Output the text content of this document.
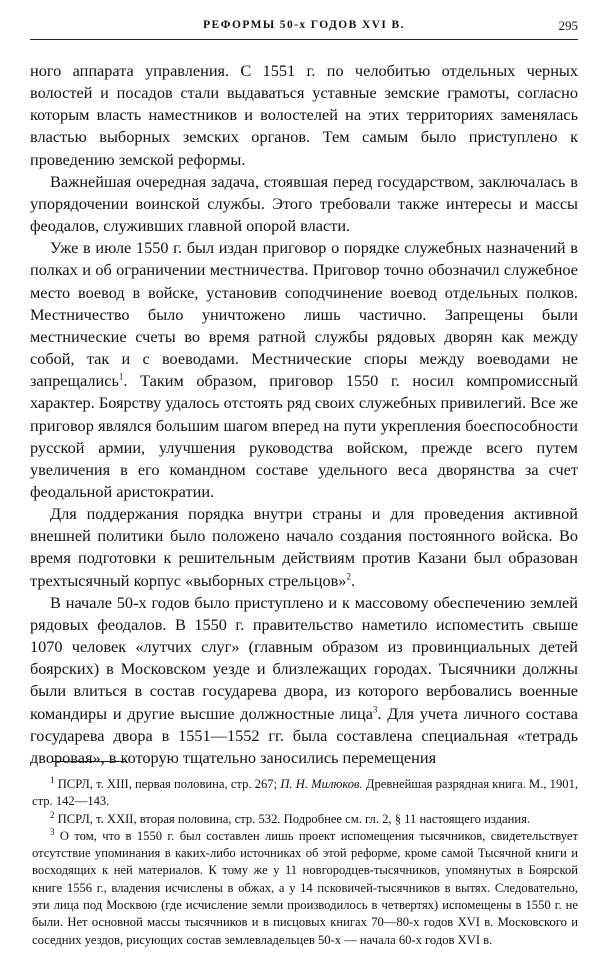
РЕФОРМЫ 50-х ГОДОВ XVI В.	295

ного аппарата управления. С 1551 г. по челобитью отдельных черных волостей и посадов стали выдаваться уставные земские грамоты, согласно которым власть наместников и волостелей на этих территориях заменялась властью выборных земских органов. Тем самым было приступлено к проведению земской реформы.

Важнейшая очередная задача, стоявшая перед государством, заключалась в упорядочении воинской службы. Этого требовали также интересы и массы феодалов, служивших главной опорой власти.

Уже в июле 1550 г. был издан приговор о порядке служебных назначений в полках и об ограничении местничества. Приговор точно обозначил служебное место воевод в войске, установив соподчинение воевод отдельных полков. Местничество было уничтожено лишь частично. Запрещены были местнические счеты во время ратной службы рядовых дворян как между собой, так и с воеводами. Местнические споры между воеводами не запрещались$^1$. Таким образом, приговор 1550 г. носил компромиссный характер. Боярству удалось отстоять ряд своих служебных привилегий. Все же приговор являлся большим шагом вперед на пути укрепления боеспособности русской армии, улучшения руководства войском, прежде всего путем увеличения в его командном составе удельного веса дворянства за счет феодальной аристократии.

Для поддержания порядка внутри страны и для проведения активной внешней политики было положено начало создания постоянного войска. Во время подготовки к решительным действиям против Казани был образован трехтысячный корпус «выборных стрельцов»$^2$.

В начале 50-х годов было приступлено и к массовому обеспечению землей рядовых феодалов. В 1550 г. правительство наметило испоместить свыше 1070 человек «лутчих слуг» (главным образом из провинциальных детей боярских) в Московском уезде и близлежащих городах. Тысячники должны были влиться в состав государева двора, из которого вербовались военные командиры и другие высшие должностные лица$^3$. Для учета личного состава государева двора в 1551—1552 гг. была составлена специальная «тетрадь дворовая», в которую тщательно заносились перемещения

$^1$ ПСРЛ, т. XIII, первая половина, стр. 267; П. Н. Милюков. Древнейшая разрядная книга. М., 1901, стр. 142—143.

$^2$ ПСРЛ, т. XXII, вторая половина, стр. 532. Подробнее см. гл. 2, § 11 настоящего издания.

$^3$ О том, что в 1550 г. был составлен лишь проект испомещения тысячников, свидетельствует отсутствие упоминания в каких-либо источниках об этой реформе, кроме самой Тысячной книги и восходящих к ней материалов. К тому же у 11 новгородцев-тысячников, упомянутых в Боярской книге 1556 г., владения исчислены в обжах, а у 14 псковичей-тысячников в вытях. Следовательно, эти лица под Москвою (где исчисление земли производилось в четвертях) испомещены в 1550 г. не были. Нет основной массы тысячников и в писцовых книгах 70—80-х годов XVI в. Московского и соседних уездов, рисующих состав землевладельцев 50-х — начала 60-х годов XVI в.
